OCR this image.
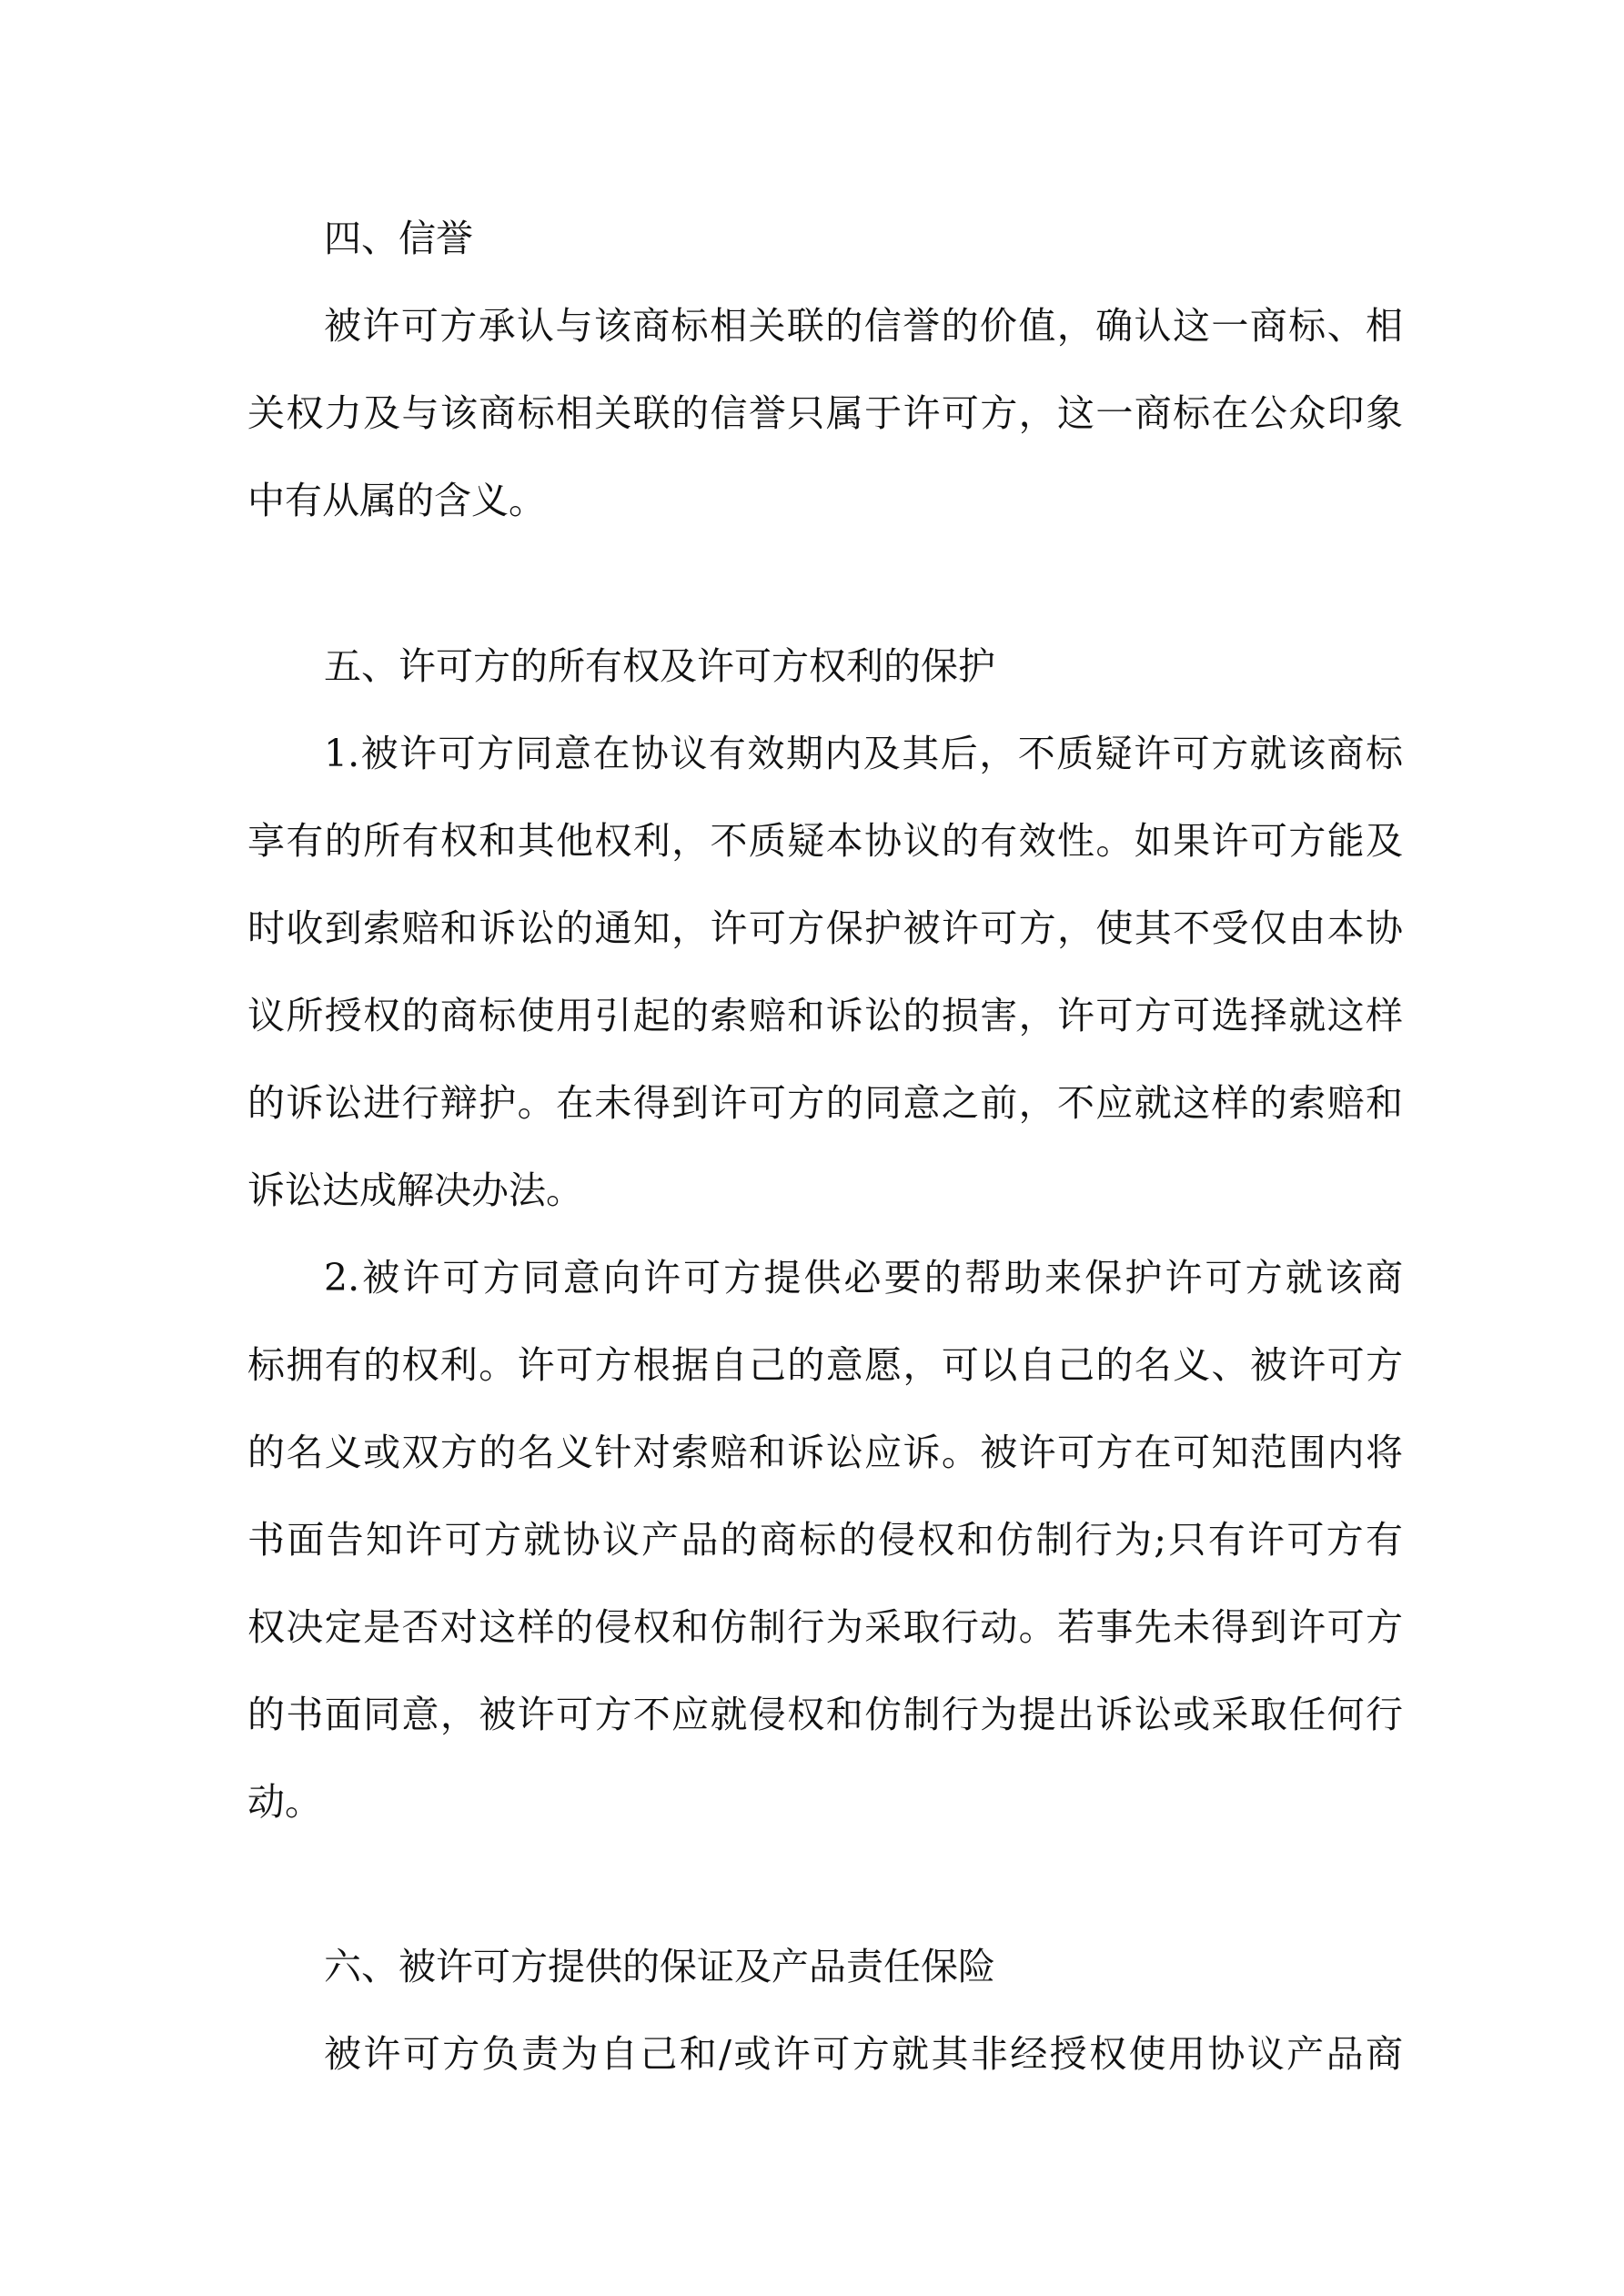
四、信誉
被许可方承认与该商标相关联的信誉的价值，确认这一商标、相
关权力及与该商标相关联的信誉只属于许可方，这一商标在公众印象
中有从属的含义。
五、许可方的所有权及许可方权利的保护
1.被许可方同意在协议有效期内及其后，不质疑许可方就该商标
享有的所有权和其他权利，不质疑本协议的有效性。如果许可方能及
时收到索赔和诉讼的通知，许可方保护被许可方，使其不受仅由本协
议所授权的商标使用引起的索赔和诉讼的损害，许可方可选择就这样
的诉讼进行辩护。在未得到许可方的同意之前，不应就这样的索赔和
诉讼达成解决办法。
2.被许可方同意向许可方提供必要的帮助来保护许可方就该商
标拥有的权利。许可方根据自己的意愿，可以自己的名义、被许可方
的名义或双方的名义针对索赔和诉讼应诉。被许可方在可知范围内将
书面告知许可方就协议产品的商标的侵权和仿制行为;只有许可方有
权决定是否对这样的侵权和仿制行为采取行动。若事先未得到许可方
的书面同意，被许可方不应就侵权和仿制行为提出诉讼或采取任何行
动。
六、被许可方提供的保证及产品责任保险
被许可方负责为自己和/或许可方就其非经授权使用协议产品商
